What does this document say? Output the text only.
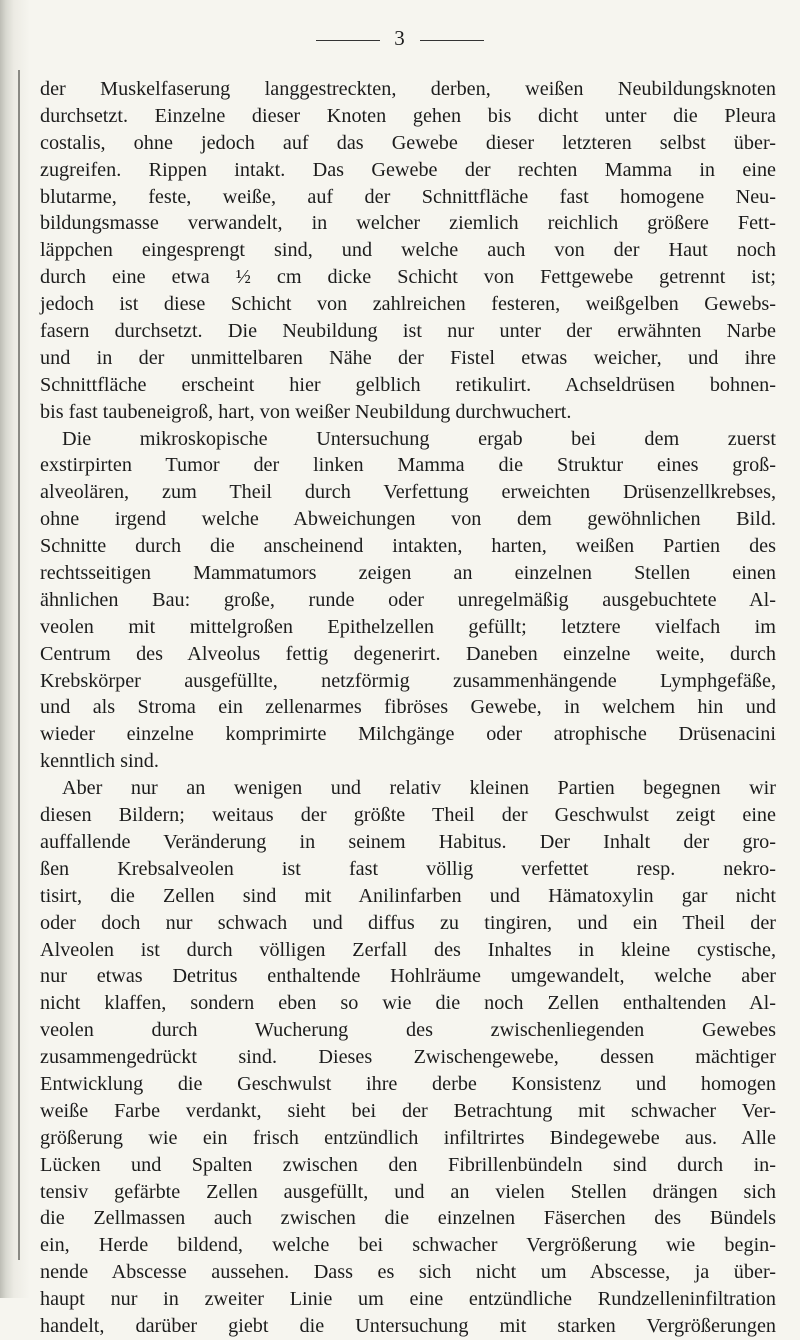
3
der Muskelfaserung langgestreckten, derben, weißen Neubildungsknoten
durchsetzt. Einzelne dieser Knoten gehen bis dicht unter die Pleura
costalis, ohne jedoch auf das Gewebe dieser letzteren selbst über-
zugreifen. Rippen intakt. Das Gewebe der rechten Mamma in eine
blutarme, feste, weiße, auf der Schnittfläche fast homogene Neu-
bildungsmasse verwandelt, in welcher ziemlich reichlich größere Fett-
läppchen eingesprengt sind, und welche auch von der Haut noch
durch eine etwa ½ cm dicke Schicht von Fettgewebe getrennt ist;
jedoch ist diese Schicht von zahlreichen festeren, weißgelben Gewebs-
fasern durchsetzt. Die Neubildung ist nur unter der erwähnten Narbe
und in der unmittelbaren Nähe der Fistel etwas weicher, und ihre
Schnittfläche erscheint hier gelblich retikulirt. Achseldrüsen bohnen-
bis fast taubeneigroß, hart, von weißer Neubildung durchwuchert.
Die mikroskopische Untersuchung ergab bei dem zuerst
exstirpirten Tumor der linken Mamma die Struktur eines groß-
alveolären, zum Theil durch Verfettung erweichten Drüsenzellkrebses,
ohne irgend welche Abweichungen von dem gewöhnlichen Bild.
Schnitte durch die anscheinend intakten, harten, weißen Partien des
rechtsseitigen Mammatumors zeigen an einzelnen Stellen einen
ähnlichen Bau: große, runde oder unregelmäßig ausgebuchtete Al-
veolen mit mittelgroßen Epithelzellen gefüllt; letztere vielfach im
Centrum des Alveolus fettig degenerirt. Daneben einzelne weite, durch
Krebskörper ausgefüllte, netzförmig zusammenhängende Lymphgefäße,
und als Stroma ein zellenarmes fibröses Gewebe, in welchem hin und
wieder einzelne komprimirte Milchgänge oder atrophische Drüsenacini
kenntlich sind.
Aber nur an wenigen und relativ kleinen Partien begegnen wir
diesen Bildern; weitaus der größte Theil der Geschwulst zeigt eine
auffallende Veränderung in seinem Habitus. Der Inhalt der gro-
ßen Krebsalveolen ist fast völlig verfettet resp. nekro-
tisirt, die Zellen sind mit Anilinfarben und Hämatoxylin gar nicht
oder doch nur schwach und diffus zu tingiren, und ein Theil der
Alveolen ist durch völligen Zerfall des Inhaltes in kleine cystische,
nur etwas Detritus enthaltende Hohlräume umgewandelt, welche aber
nicht klaffen, sondern eben so wie die noch Zellen enthaltenden Al-
veolen durch Wucherung des zwischenliegenden Gewebes
zusammengedrückt sind. Dieses Zwischengewebe, dessen mächtiger
Entwicklung die Geschwulst ihre derbe Konsistenz und homogen
weiße Farbe verdankt, sieht bei der Betrachtung mit schwacher Ver-
größerung wie ein frisch entzündlich infiltrirtes Bindegewebe aus. Alle
Lücken und Spalten zwischen den Fibrillenbündeln sind durch in-
tensiv gefärbte Zellen ausgefüllt, und an vielen Stellen drängen sich
die Zellmassen auch zwischen die einzelnen Fäserchen des Bündels
ein, Herde bildend, welche bei schwacher Vergrößerung wie begin-
nende Abscesse aussehen. Dass es sich nicht um Abscesse, ja über-
haupt nur in zweiter Linie um eine entzündliche Rundzelleninfiltration
handelt, darüber giebt die Untersuchung mit starken Vergrößerungen
